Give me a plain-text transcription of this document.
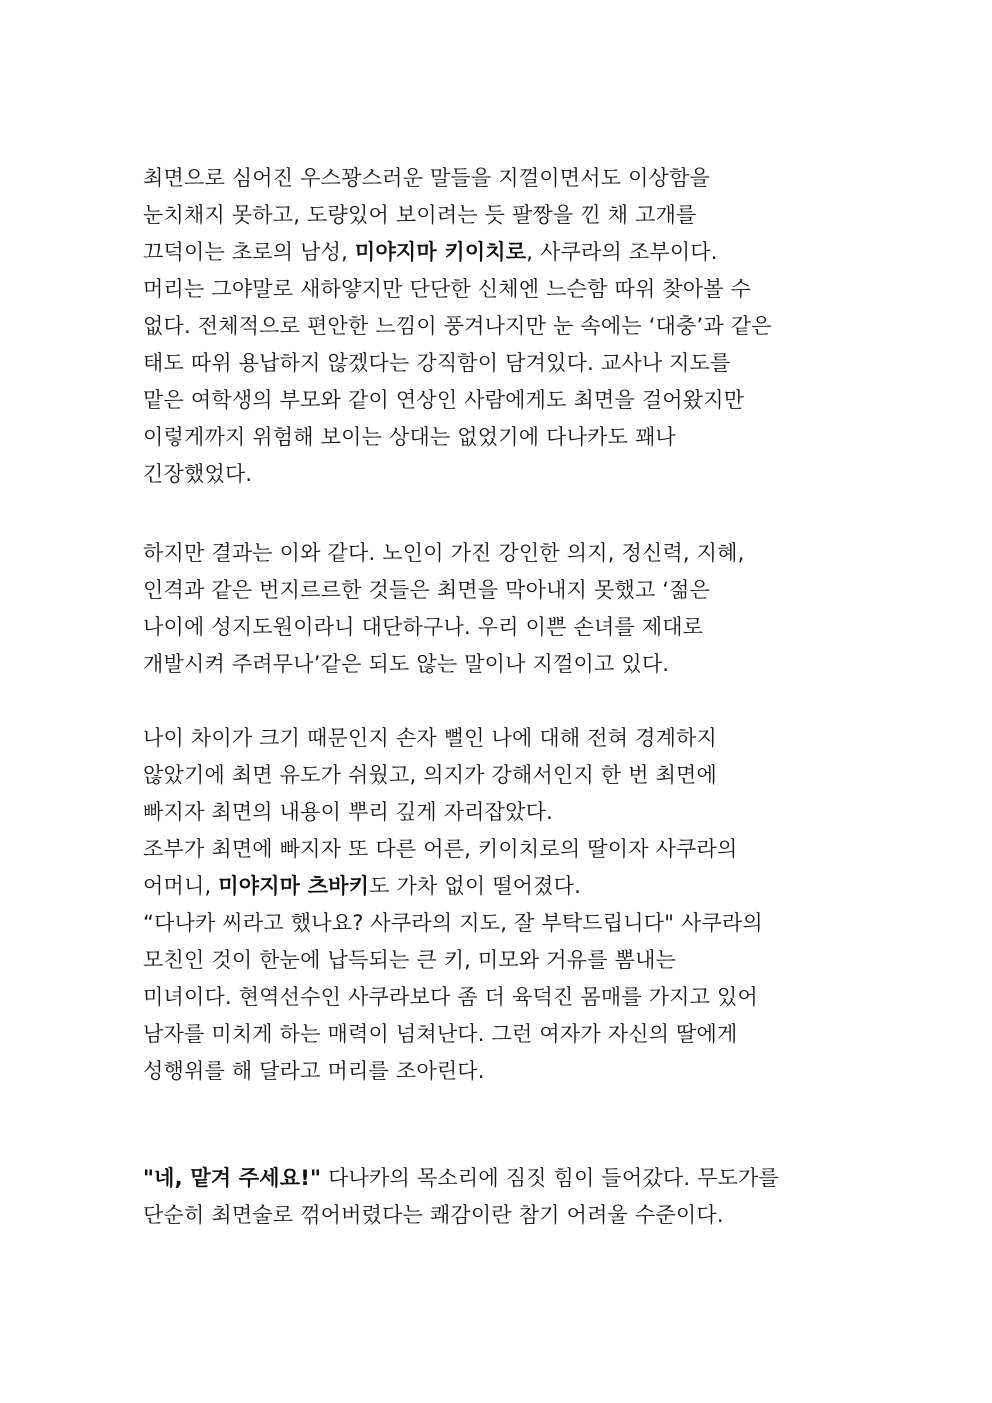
최면으로 심어진 우스꽝스러운 말들을 지껄이면서도 이상함을
눈치채지 못하고, 도량있어 보이려는 듯 팔짱을 낀 채 고개를
끄덕이는 초로의 남성, 미야지마 키이치로, 사쿠라의 조부이다.
머리는 그야말로 새하얗지만 단단한 신체엔 느슨함 따위 찾아볼 수
없다. 전체적으로 편안한 느낌이 풍겨나지만 눈 속에는 ‘대충’과 같은
태도 따위 용납하지 않겠다는 강직함이 담겨있다. 교사나 지도를
맡은 여학생의 부모와 같이 연상인 사람에게도 최면을 걸어왔지만
이렇게까지 위험해 보이는 상대는 없었기에 다나카도 꽤나
긴장했었다.
하지만 결과는 이와 같다. 노인이 가진 강인한 의지, 정신력, 지혜,
인격과 같은 번지르르한 것들은 최면을 막아내지 못했고 ‘젊은
나이에 성지도원이라니 대단하구나. 우리 이쁜 손녀를 제대로
개발시켜 주려무나’같은 되도 않는 말이나 지껄이고 있다.
나이 차이가 크기 때문인지 손자 뻘인 나에 대해 전혀 경계하지
않았기에 최면 유도가 쉬웠고, 의지가 강해서인지 한 번 최면에
빠지자 최면의 내용이 뿌리 깊게 자리잡았다.
조부가 최면에 빠지자 또 다른 어른, 키이치로의 딸이자 사쿠라의
어머니, 미야지마 츠바키도 가차 없이 떨어졌다.
“다나카 씨라고 했나요? 사쿠라의 지도, 잘 부탁드립니다" 사쿠라의
모친인 것이 한눈에 납득되는 큰 키, 미모와 거유를 뽐내는
미녀이다. 현역선수인 사쿠라보다 좀 더 육덕진 몸매를 가지고 있어
남자를 미치게 하는 매력이 넘쳐난다. 그런 여자가 자신의 딸에게
성행위를 해 달라고 머리를 조아린다.
"네, 맡겨 주세요!" 다나카의 목소리에 짐짓 힘이 들어갔다. 무도가를
단순히 최면술로 꺾어버렸다는 쾌감이란 참기 어려울 수준이다.
